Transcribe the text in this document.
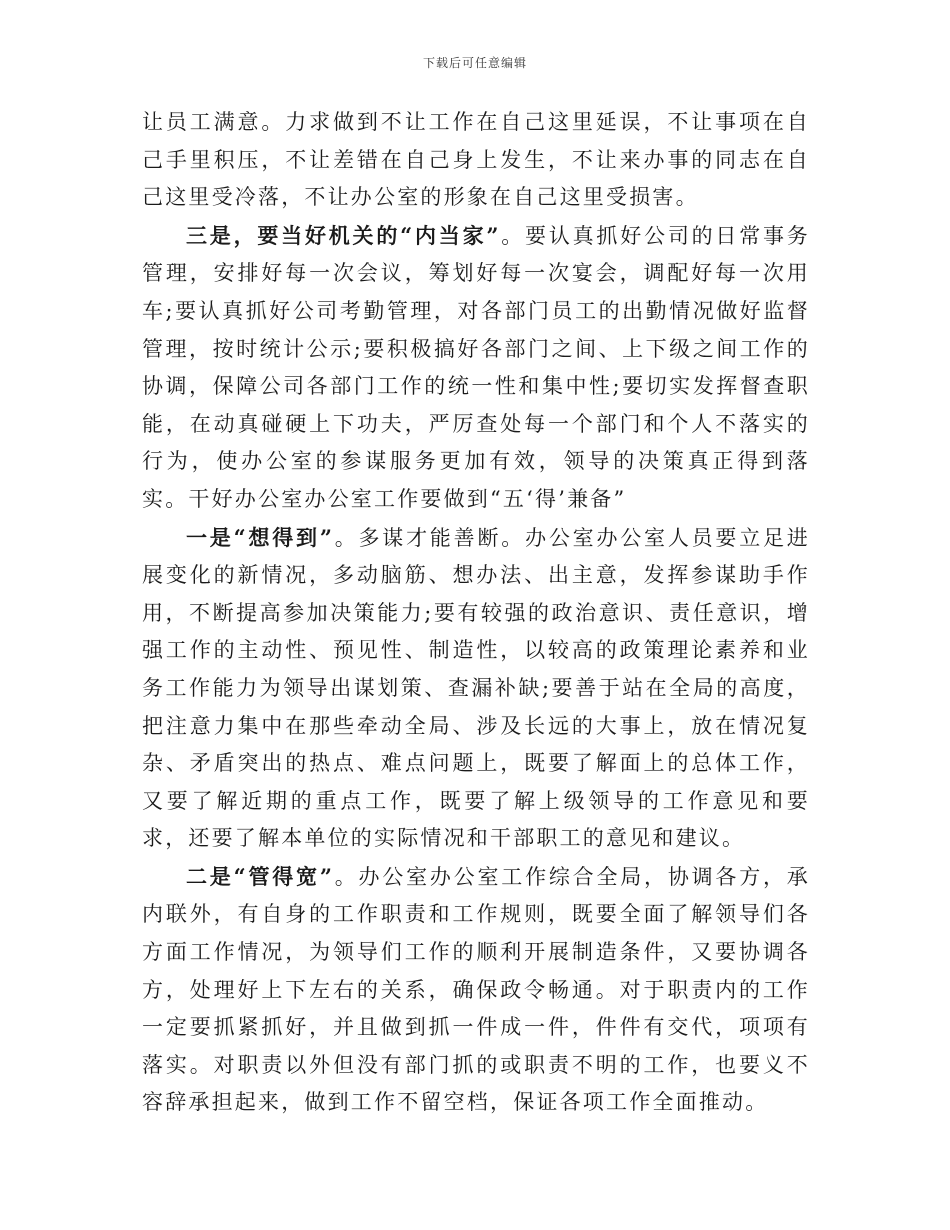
下载后可任意编辑

让员工满意。力求做到不让工作在自己这里延误，不让事项在自己手里积压，不让差错在自己身上发生，不让来办事的同志在自己这里受冷落，不让办公室的形象在自己这里受损害。

三是，要当好机关的“内当家”。要认真抓好公司的日常事务管理，安排好每一次会议，筹划好每一次宴会，调配好每一次用车;要认真抓好公司考勤管理，对各部门员工的出勤情况做好监督管理，按时统计公示;要积极搞好各部门之间、上下级之间工作的协调，保障公司各部门工作的统一性和集中性;要切实发挥督查职能，在动真碰硬上下功夫，严厉查处每一个部门和个人不落实的行为，使办公室的参谋服务更加有效，领导的决策真正得到落实。干好办公室办公室工作要做到“五‘得’兼备”

一是“想得到”。多谋才能善断。办公室办公室人员要立足进展变化的新情况，多动脑筋、想办法、出主意，发挥参谋助手作用，不断提高参加决策能力;要有较强的政治意识、责任意识，增强工作的主动性、预见性、制造性，以较高的政策理论素养和业务工作能力为领导出谋划策、查漏补缺;要善于站在全局的高度，把注意力集中在那些牵动全局、涉及长远的大事上，放在情况复杂、矛盾突出的热点、难点问题上，既要了解面上的总体工作，又要了解近期的重点工作，既要了解上级领导的工作意见和要求，还要了解本单位的实际情况和干部职工的意见和建议。

二是“管得宽”。办公室办公室工作综合全局，协调各方，承内联外，有自身的工作职责和工作规则，既要全面了解领导们各方面工作情况，为领导们工作的顺利开展制造条件，又要协调各方，处理好上下左右的关系，确保政令畅通。对于职责内的工作一定要抓紧抓好，并且做到抓一件成一件，件件有交代，项项有落实。对职责以外但没有部门抓的或职责不明的工作，也要义不容辞承担起来，做到工作不留空档，保证各项工作全面推动。
